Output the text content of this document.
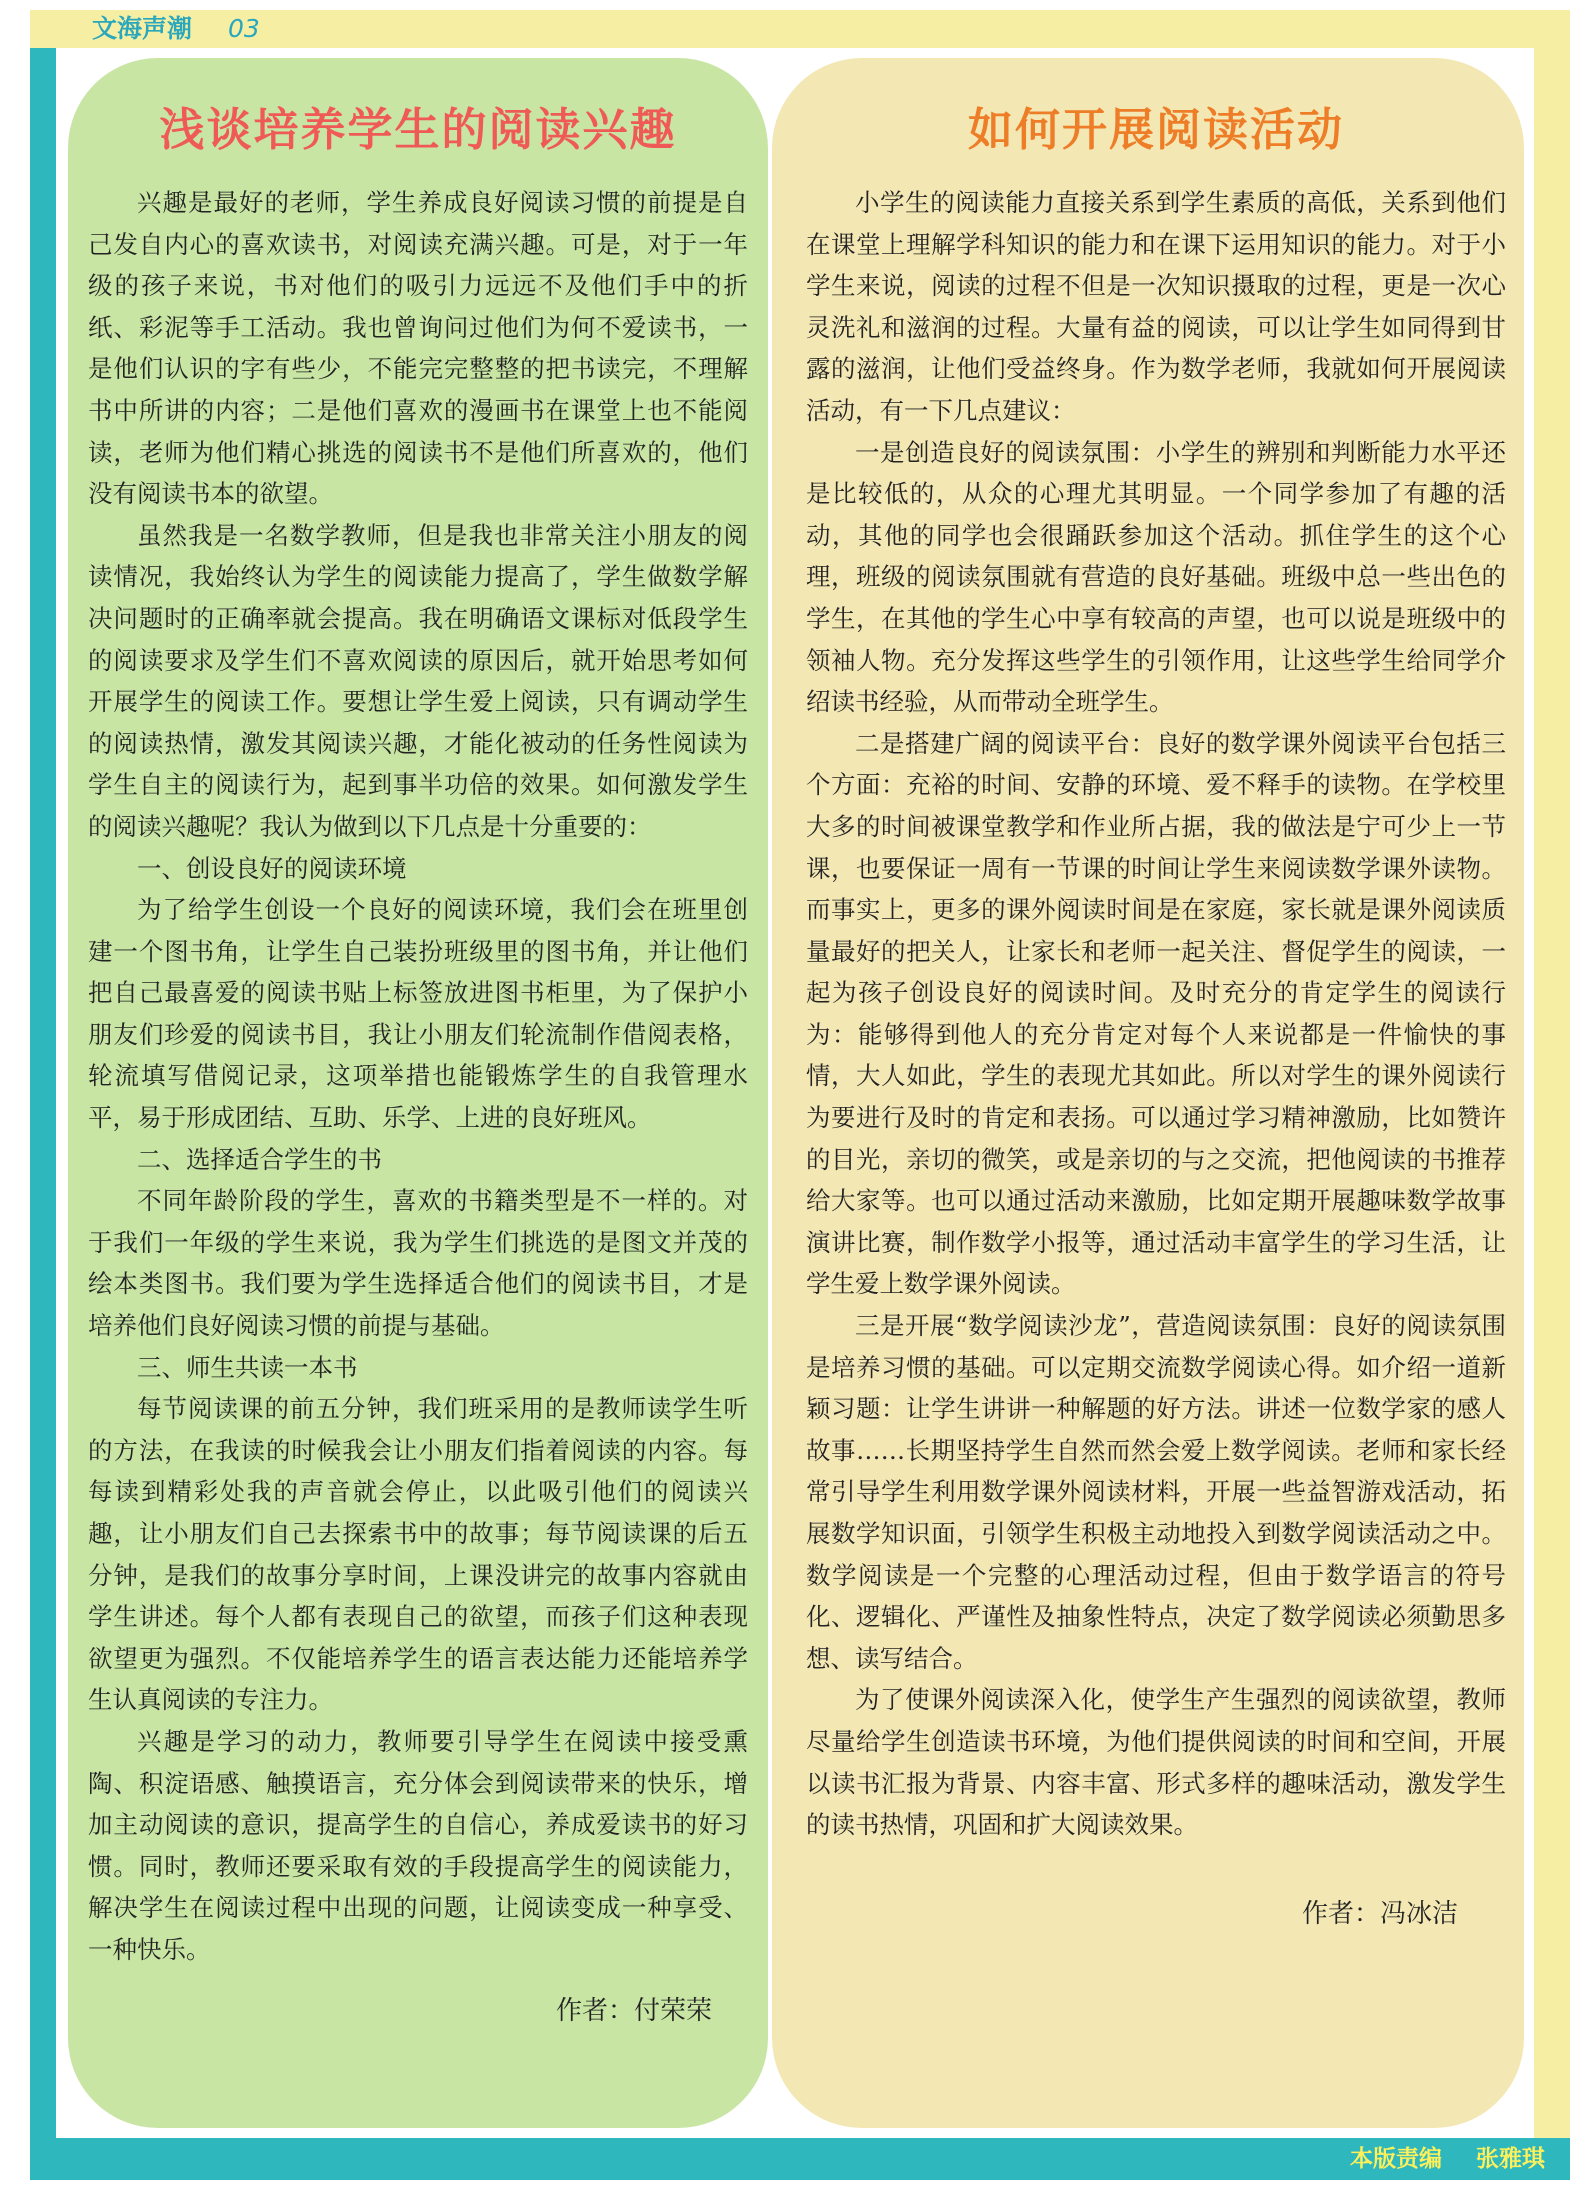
文海声潮 03
本版责编 张雅琪
浅谈培养学生的阅读兴趣

兴趣是最好的老师，学生养成良好阅读习惯的前提是自己发自内心的喜欢读书，对阅读充满兴趣。可是，对于一年级的孩子来说，书对他们的吸引力远远不及他们手中的折纸、彩泥等手工活动。我也曾询问过他们为何不爱读书，一是他们认识的字有些少，不能完完整整的把书读完，不理解书中所讲的内容；二是他们喜欢的漫画书在课堂上也不能阅读，老师为他们精心挑选的阅读书不是他们所喜欢的，他们没有阅读书本的欲望。

虽然我是一名数学教师，但是我也非常关注小朋友的阅读情况，我始终认为学生的阅读能力提高了，学生做数学解决问题时的正确率就会提高。我在明确语文课标对低段学生的阅读要求及学生们不喜欢阅读的原因后，就开始思考如何开展学生的阅读工作。要想让学生爱上阅读，只有调动学生的阅读热情，激发其阅读兴趣，才能化被动的任务性阅读为学生自主的阅读行为，起到事半功倍的效果。如何激发学生的阅读兴趣呢？我认为做到以下几点是十分重要的：

一、创设良好的阅读环境

为了给学生创设一个良好的阅读环境，我们会在班里创建一个图书角，让学生自己装扮班级里的图书角，并让他们把自己最喜爱的阅读书贴上标签放进图书柜里，为了保护小朋友们珍爱的阅读书目，我让小朋友们轮流制作借阅表格，轮流填写借阅记录，这项举措也能锻炼学生的自我管理水平，易于形成团结、互助、乐学、上进的良好班风。

二、选择适合学生的书

不同年龄阶段的学生，喜欢的书籍类型是不一样的。对于我们一年级的学生来说，我为学生们挑选的是图文并茂的绘本类图书。我们要为学生选择适合他们的阅读书目，才是培养他们良好阅读习惯的前提与基础。

三、师生共读一本书

每节阅读课的前五分钟，我们班采用的是教师读学生听的方法，在我读的时候我会让小朋友们指着阅读的内容。每每读到精彩处我的声音就会停止，以此吸引他们的阅读兴趣，让小朋友们自己去探索书中的故事；每节阅读课的后五分钟，是我们的故事分享时间，上课没讲完的故事内容就由学生讲述。每个人都有表现自己的欲望，而孩子们这种表现欲望更为强烈。不仅能培养学生的语言表达能力还能培养学生认真阅读的专注力。

兴趣是学习的动力，教师要引导学生在阅读中接受熏陶、积淀语感、触摸语言，充分体会到阅读带来的快乐，增加主动阅读的意识，提高学生的自信心，养成爱读书的好习惯。同时，教师还要采取有效的手段提高学生的阅读能力，解决学生在阅读过程中出现的问题，让阅读变成一种享受、一种快乐。

作者：付荣荣
如何开展阅读活动

小学生的阅读能力直接关系到学生素质的高低，关系到他们在课堂上理解学科知识的能力和在课下运用知识的能力。对于小学生来说，阅读的过程不但是一次知识摄取的过程，更是一次心灵洗礼和滋润的过程。大量有益的阅读，可以让学生如同得到甘露的滋润，让他们受益终身。作为数学老师，我就如何开展阅读活动，有一下几点建议：

一是创造良好的阅读氛围：小学生的辨别和判断能力水平还是比较低的，从众的心理尤其明显。一个同学参加了有趣的活动，其他的同学也会很踊跃参加这个活动。抓住学生的这个心理，班级的阅读氛围就有营造的良好基础。班级中总一些出色的学生，在其他的学生心中享有较高的声望，也可以说是班级中的领袖人物。充分发挥这些学生的引领作用，让这些学生给同学介绍读书经验，从而带动全班学生。

二是搭建广阔的阅读平台：良好的数学课外阅读平台包括三个方面：充裕的时间、安静的环境、爱不释手的读物。在学校里大多的时间被课堂教学和作业所占据，我的做法是宁可少上一节课，也要保证一周有一节课的时间让学生来阅读数学课外读物。而事实上，更多的课外阅读时间是在家庭，家长就是课外阅读质量最好的把关人，让家长和老师一起关注、督促学生的阅读，一起为孩子创设良好的阅读时间。及时充分的肯定学生的阅读行为：能够得到他人的充分肯定对每个人来说都是一件愉快的事情，大人如此，学生的表现尤其如此。所以对学生的课外阅读行为要进行及时的肯定和表扬。可以通过学习精神激励，比如赞许的目光，亲切的微笑，或是亲切的与之交流，把他阅读的书推荐给大家等。也可以通过活动来激励，比如定期开展趣味数学故事演讲比赛，制作数学小报等，通过活动丰富学生的学习生活，让学生爱上数学课外阅读。

三是开展“数学阅读沙龙”，营造阅读氛围：良好的阅读氛围是培养习惯的基础。可以定期交流数学阅读心得。如介绍一道新颖习题：让学生讲讲一种解题的好方法。讲述一位数学家的感人故事……长期坚持学生自然而然会爱上数学阅读。老师和家长经常引导学生利用数学课外阅读材料，开展一些益智游戏活动，拓展数学知识面，引领学生积极主动地投入到数学阅读活动之中。数学阅读是一个完整的心理活动过程，但由于数学语言的符号化、逻辑化、严谨性及抽象性特点，决定了数学阅读必须勤思多想、读写结合。

为了使课外阅读深入化，使学生产生强烈的阅读欲望，教师尽量给学生创造读书环境，为他们提供阅读的时间和空间，开展以读书汇报为背景、内容丰富、形式多样的趣味活动，激发学生的读书热情，巩固和扩大阅读效果。

作者：冯冰洁
